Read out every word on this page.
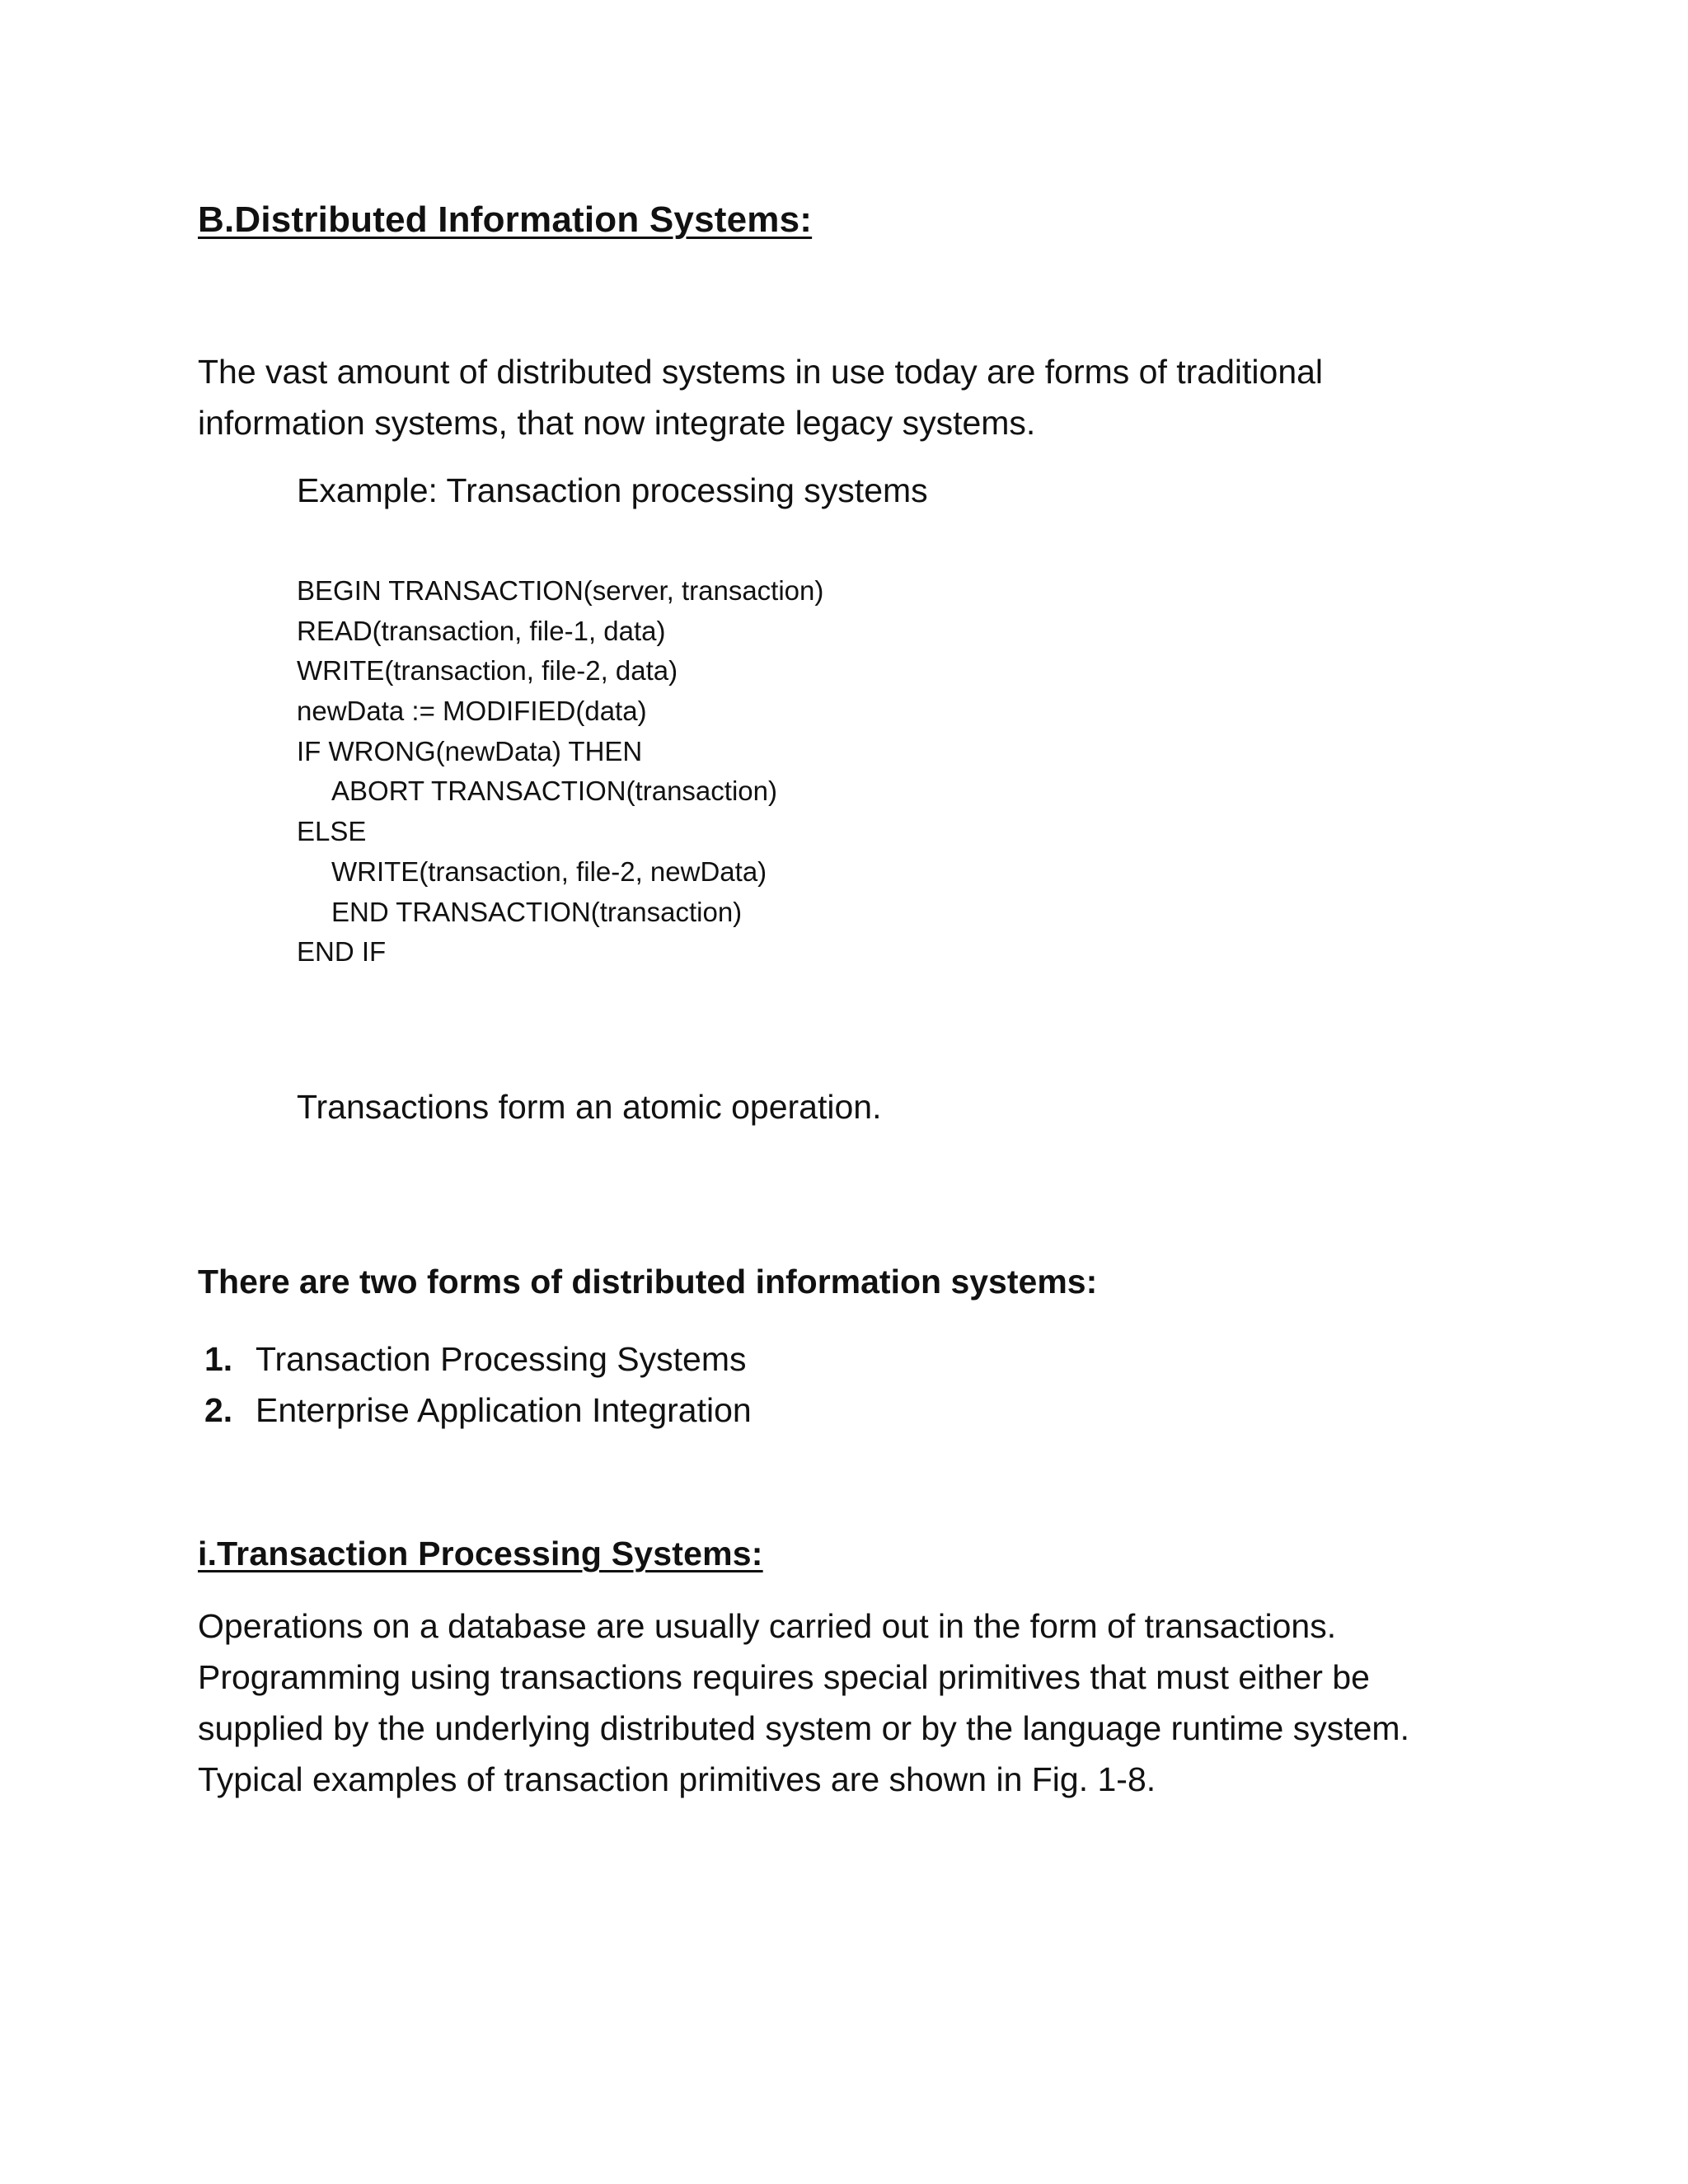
B.Distributed Information Systems:
The vast amount of distributed systems in use today are forms of traditional
information systems, that now integrate legacy systems.
Example: Transaction processing systems
BEGIN TRANSACTION(server, transaction)
READ(transaction, file-1, data)
WRITE(transaction, file-2, data)
newData := MODIFIED(data)
IF WRONG(newData) THEN
ABORT TRANSACTION(transaction)
ELSE
WRITE(transaction, file-2, newData)
END TRANSACTION(transaction)
END IF
Transactions form an atomic operation.
There are two forms of distributed information systems:
1. Transaction Processing Systems
2. Enterprise Application Integration
i.Transaction Processing Systems:
Operations on a database are usually carried out in the form of transactions.
Programming using transactions requires special primitives that must either be
supplied by the underlying distributed system or by the language runtime system.
Typical examples of transaction primitives are shown in Fig. 1-8.
